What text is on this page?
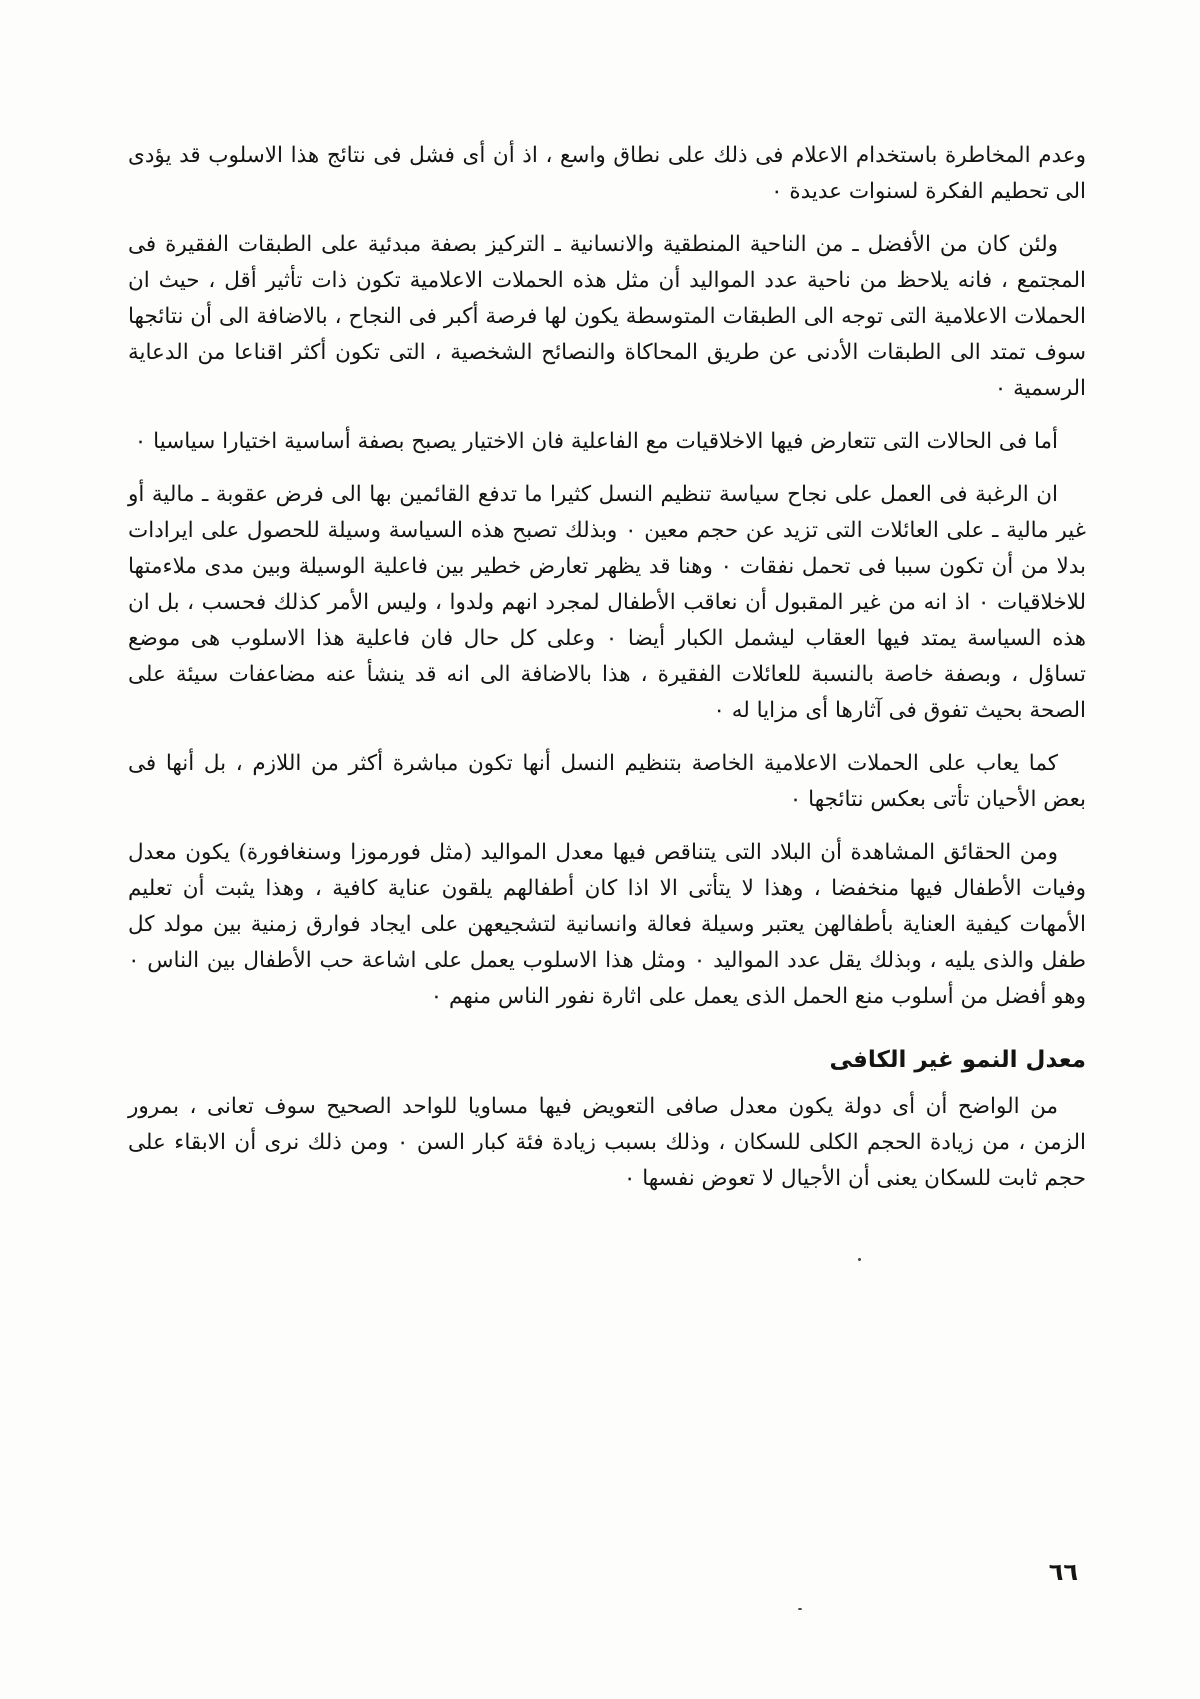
وعدم المخاطرة باستخدام الاعلام فى ذلك على نطاق واسع ، اذ أن أى فشل فى نتائج هذا الاسلوب قد يؤدى الى تحطيم الفكرة لسنوات عديدة ٠

ولئن كان من الأفضل ـ من الناحية المنطقية والانسانية ـ التركيز بصفة مبدئية على الطبقات الفقيرة فى المجتمع ، فانه يلاحظ من ناحية عدد المواليد أن مثل هذه الحملات الاعلامية تكون ذات تأثير أقل ، حيث ان الحملات الاعلامية التى توجه الى الطبقات المتوسطة يكون لها فرصة أكبر فى النجاح ، بالاضافة الى أن نتائجها سوف تمتد الى الطبقات الأدنى عن طريق المحاكاة والنصائح الشخصية ، التى تكون أكثر اقناعا من الدعاية الرسمية ٠

أما فى الحالات التى تتعارض فيها الاخلاقيات مع الفاعلية فان الاختيار يصبح بصفة أساسية اختيارا سياسيا ٠

ان الرغبة فى العمل على نجاح سياسة تنظيم النسل كثيرا ما تدفع القائمين بها الى فرض عقوبة ـ مالية أو غير مالية ـ على العائلات التى تزيد عن حجم معين ٠ وبذلك تصبح هذه السياسة وسيلة للحصول على ايرادات بدلا من أن تكون سببا فى تحمل نفقات ٠ وهنا قد يظهر تعارض خطير بين فاعلية الوسيلة وبين مدى ملاءمتها للاخلاقيات ٠ اذ انه من غير المقبول أن نعاقب الأطفال لمجرد انهم ولدوا ، وليس الأمر كذلك فحسب ، بل ان هذه السياسة يمتد فيها العقاب ليشمل الكبار أيضا ٠ وعلى كل حال فان فاعلية هذا الاسلوب هى موضع تساؤل ، وبصفة خاصة بالنسبة للعائلات الفقيرة ، هذا بالاضافة الى انه قد ينشأ عنه مضاعفات سيئة على الصحة بحيث تفوق فى آثارها أى مزايا له ٠

كما يعاب على الحملات الاعلامية الخاصة بتنظيم النسل أنها تكون مباشرة أكثر من اللازم ، بل أنها فى بعض الأحيان تأتى بعكس نتائجها ٠

ومن الحقائق المشاهدة أن البلاد التى يتناقص فيها معدل المواليد (مثل فورموزا وسنغافورة) يكون معدل وفيات الأطفال فيها منخفضا ، وهذا لا يتأتى الا اذا كان أطفالهم يلقون عناية كافية ، وهذا يثبت أن تعليم الأمهات كيفية العناية بأطفالهن يعتبر وسيلة فعالة وانسانية لتشجيعهن على ايجاد فوارق زمنية بين مولد كل طفل والذى يليه ، وبذلك يقل عدد المواليد ٠ ومثل هذا الاسلوب يعمل على اشاعة حب الأطفال بين الناس ٠ وهو أفضل من أسلوب منع الحمل الذى يعمل على اثارة نفور الناس منهم ٠

معدل النمو غير الكافى

من الواضح أن أى دولة يكون معدل صافى التعويض فيها مساويا للواحد الصحيح سوف تعانى ، بمرور الزمن ، من زيادة الحجم الكلى للسكان ، وذلك بسبب زيادة فئة كبار السن ٠ ومن ذلك نرى أن الابقاء على حجم ثابت للسكان يعنى أن الأجيال لا تعوض نفسها ٠

٦٦
